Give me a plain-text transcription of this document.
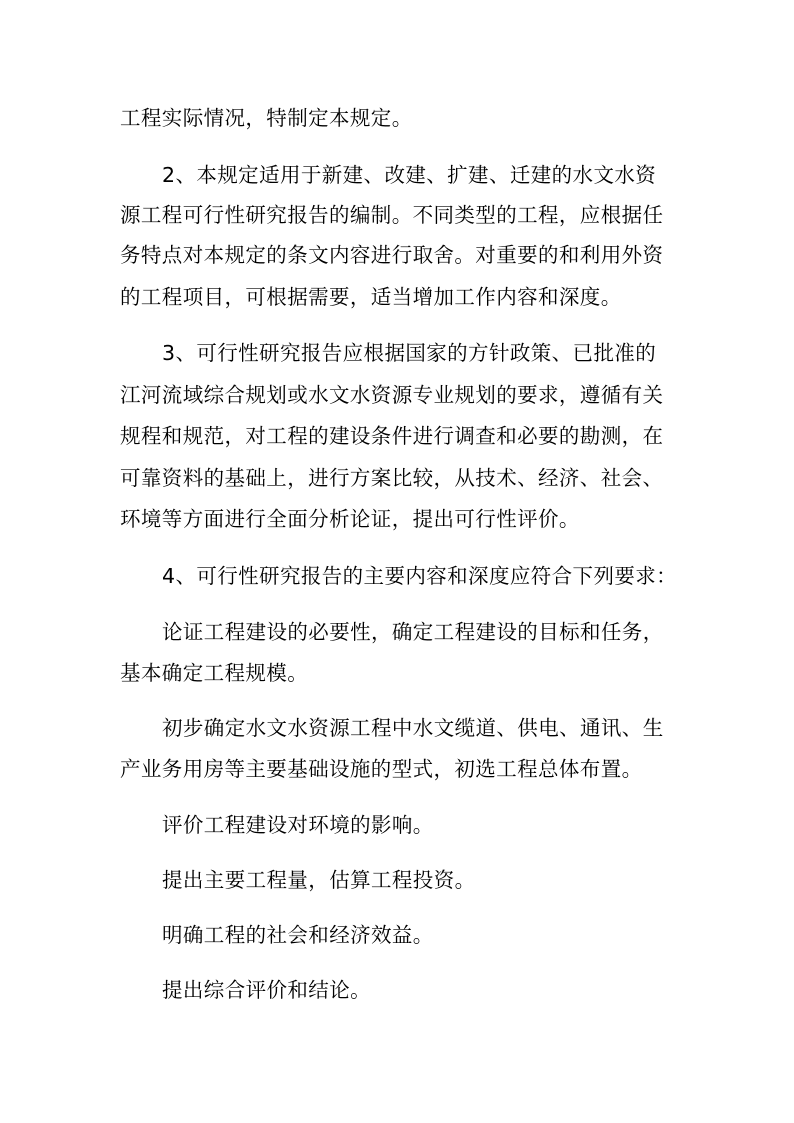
工程实际情况，特制定本规定。
2、本规定适用于新建、改建、扩建、迁建的水文水资
源工程可行性研究报告的编制。不同类型的工程，应根据任
务特点对本规定的条文内容进行取舍。对重要的和利用外资
的工程项目，可根据需要，适当增加工作内容和深度。
3、可行性研究报告应根据国家的方针政策、已批准的
江河流域综合规划或水文水资源专业规划的要求，遵循有关
规程和规范，对工程的建设条件进行调查和必要的勘测，在
可靠资料的基础上，进行方案比较，从技术、经济、社会、
环境等方面进行全面分析论证，提出可行性评价。
4、可行性研究报告的主要内容和深度应符合下列要求：
论证工程建设的必要性，确定工程建设的目标和任务，
基本确定工程规模。
初步确定水文水资源工程中水文缆道、供电、通讯、生
产业务用房等主要基础设施的型式，初选工程总体布置。
评价工程建设对环境的影响。
提出主要工程量，估算工程投资。
明确工程的社会和经济效益。
提出综合评价和结论。
